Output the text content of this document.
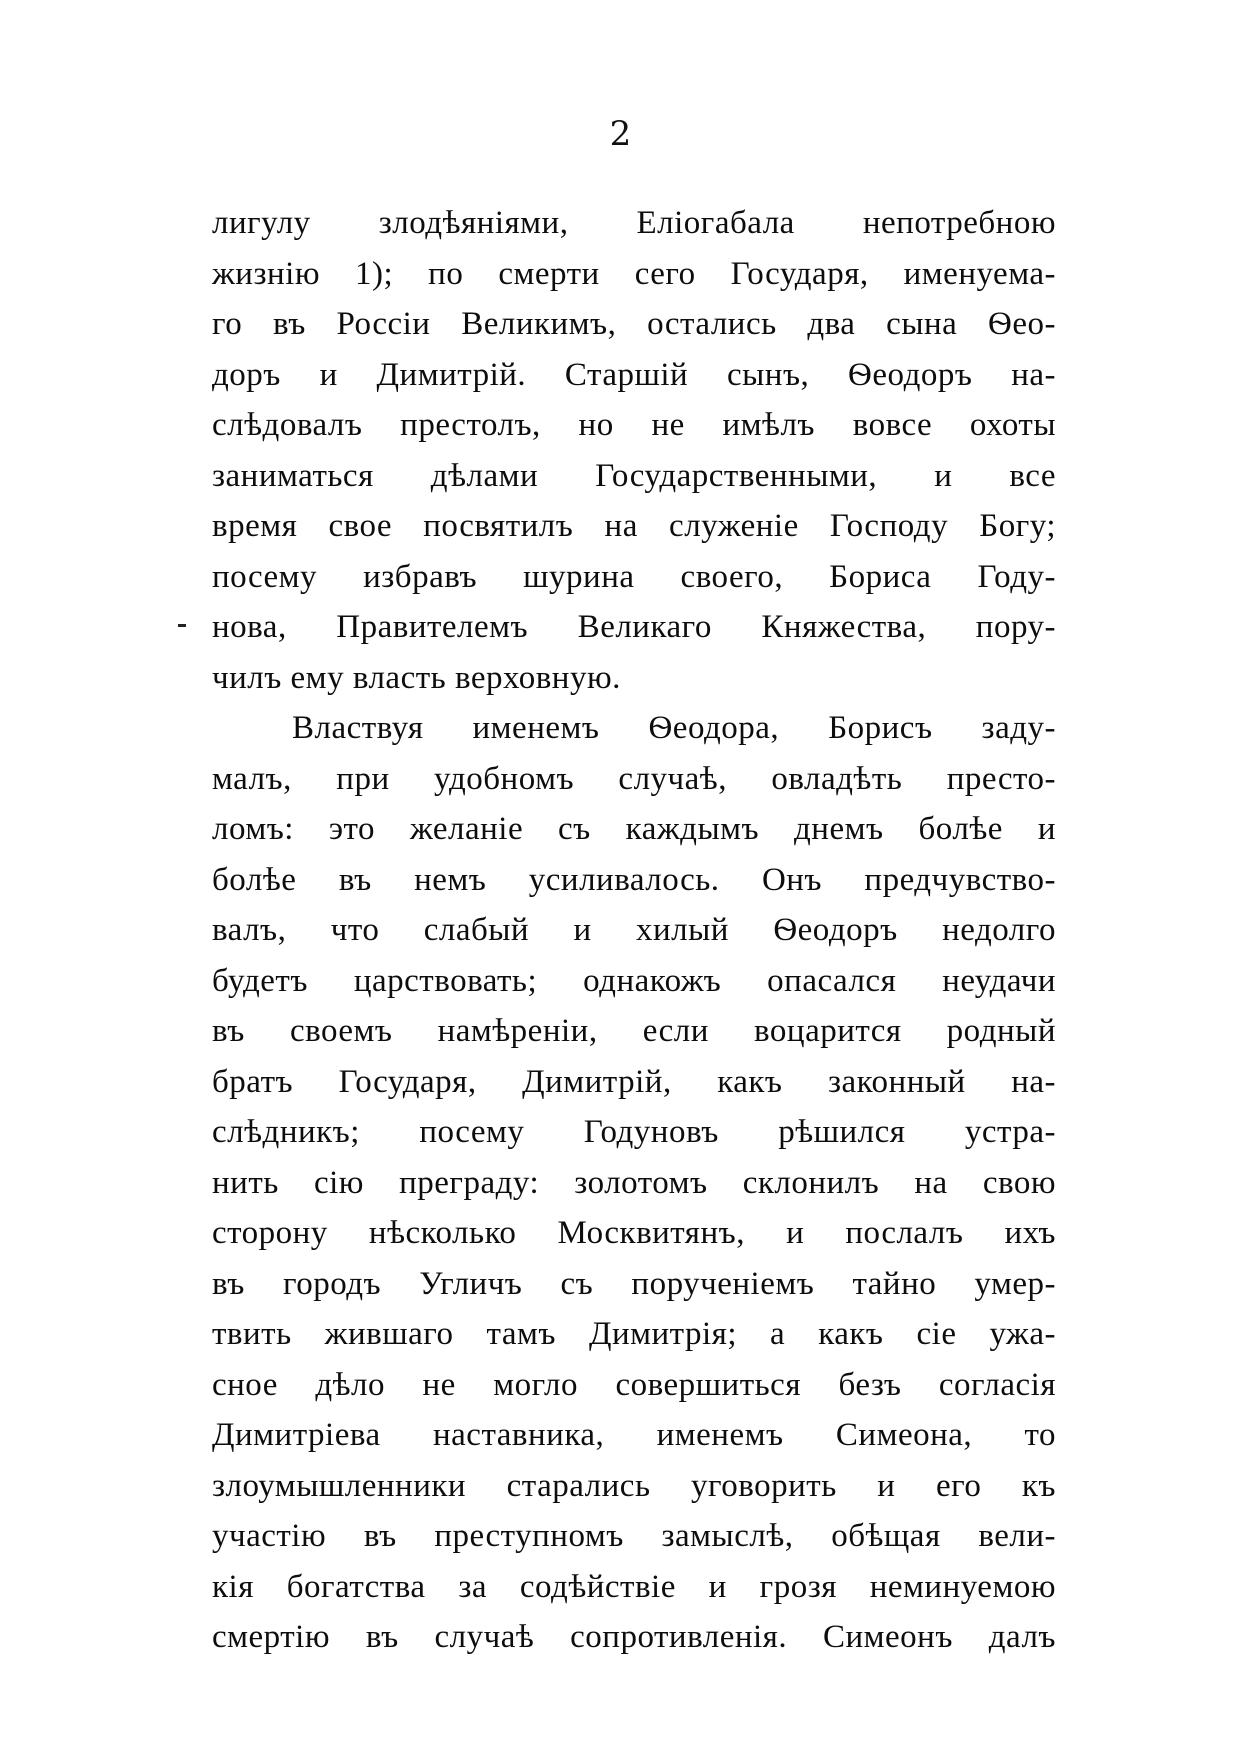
2
лигулу злодѣяніями, Еліогабала непотребною
жизнію 1); по смерти сего Государя, именуема-
го въ Россіи Великимъ, остались два сына Ѳео-
доръ и Димитрій. Старшій сынъ, Ѳеодоръ на-
слѣдовалъ престолъ, но не имѣлъ вовсе охоты
заниматься дѣлами Государственными, и все
время свое посвятилъ на служеніе Господу Богу;
посему избравъ шурина своего, Бориса Году-
нова, Правителемъ Великаго Княжества, пору-
чилъ ему власть верховную.
Властвуя именемъ Ѳеодора, Борисъ заду-
малъ, при удобномъ случаѣ, овладѣть престо-
ломъ: это желаніе съ каждымъ днемъ болѣе и
болѣе въ немъ усиливалось. Онъ предчувство-
валъ, что слабый и хилый Ѳеодоръ недолго
будетъ царствовать; однакожъ опасался неудачи
въ своемъ намѣреніи, если воцарится родный
братъ Государя, Димитрій, какъ законный на-
слѣдникъ; посему Годуновъ рѣшился устра-
нить сію преграду: золотомъ склонилъ на свою
сторону нѣсколько Москвитянъ, и послалъ ихъ
въ городъ Угличъ съ порученіемъ тайно умер-
твить жившаго тамъ Димитрія; а какъ сіе ужа-
сное дѣло не могло совершиться безъ согласія
Димитріева наставника, именемъ Симеона, то
злоумышленники старались уговорить и его къ
участію въ преступномъ замыслѣ, обѣщая вели-
кія богатства за содѣйствіе и грозя неминуемою
смертію въ случаѣ сопротивленія. Симеонъ далъ
